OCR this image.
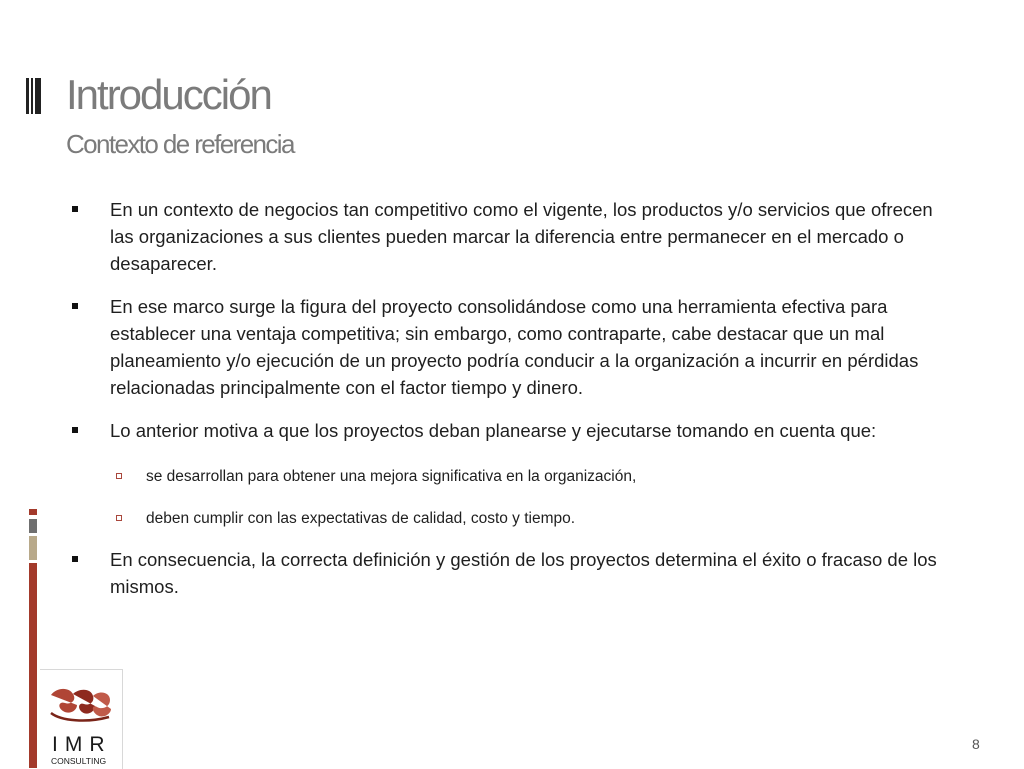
Introducción
Contexto de referencia
En un contexto de negocios tan competitivo como el vigente, los productos y/o servicios que ofrecen las organizaciones a sus clientes pueden marcar la diferencia entre permanecer en el mercado o desaparecer.
En ese marco surge la figura del proyecto consolidándose como una herramienta efectiva para establecer una ventaja competitiva; sin embargo, como contraparte, cabe destacar que un mal planeamiento y/o ejecución de un proyecto podría conducir a la organización a incurrir en pérdidas relacionadas principalmente con el factor tiempo y dinero.
Lo anterior motiva a que los proyectos deban planearse y ejecutarse tomando en cuenta que:
se desarrollan para obtener una mejora significativa en la organización,
deben cumplir con las expectativas de calidad, costo y tiempo.
En consecuencia, la correcta definición y gestión de los proyectos determina el éxito o fracaso de los mismos.
IMR
CONSULTING
8
